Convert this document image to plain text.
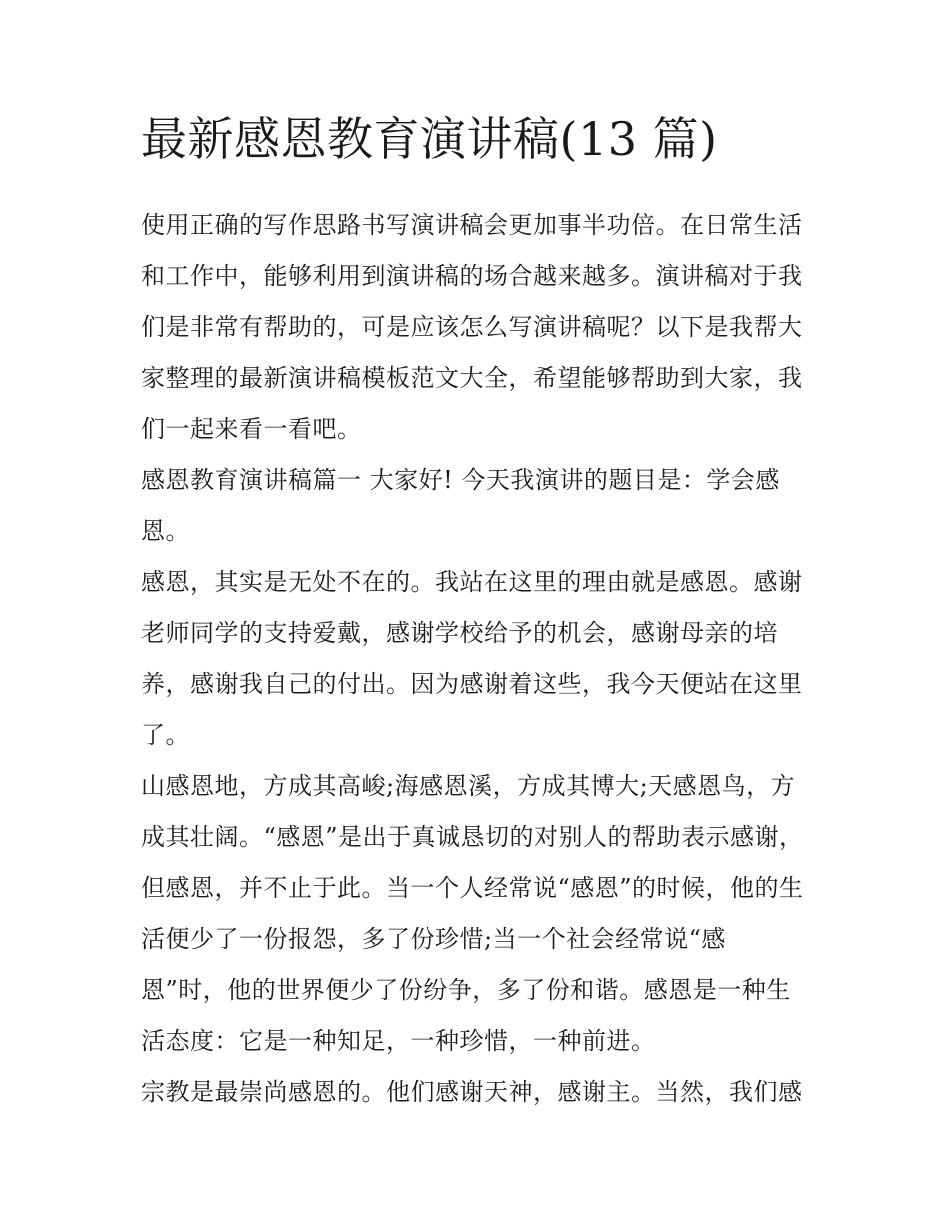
最新感恩教育演讲稿(13 篇)

使用正确的写作思路书写演讲稿会更加事半功倍。在日常生活和工作中，能够利用到演讲稿的场合越来越多。演讲稿对于我们是非常有帮助的，可是应该怎么写演讲稿呢？以下是我帮大家整理的最新演讲稿模板范文大全，希望能够帮助到大家，我们一起来看一看吧。

感恩教育演讲稿篇一 大家好! 今天我演讲的题目是：学会感恩。

感恩，其实是无处不在的。我站在这里的理由就是感恩。感谢老师同学的支持爱戴，感谢学校给予的机会，感谢母亲的培养，感谢我自己的付出。因为感谢着这些，我今天便站在这里了。

山感恩地，方成其高峻;海感恩溪，方成其博大;天感恩鸟，方成其壮阔。“感恩”是出于真诚恳切的对别人的帮助表示感谢，但感恩，并不止于此。当一个人经常说“感恩”的时候，他的生活便少了一份报怨，多了份珍惜;当一个社会经常说“感恩”时，他的世界便少了份纷争，多了份和谐。感恩是一种生活态度：它是一种知足，一种珍惜，一种前进。

宗教是最崇尚感恩的。他们感谢天神，感谢主。当然，我们感
